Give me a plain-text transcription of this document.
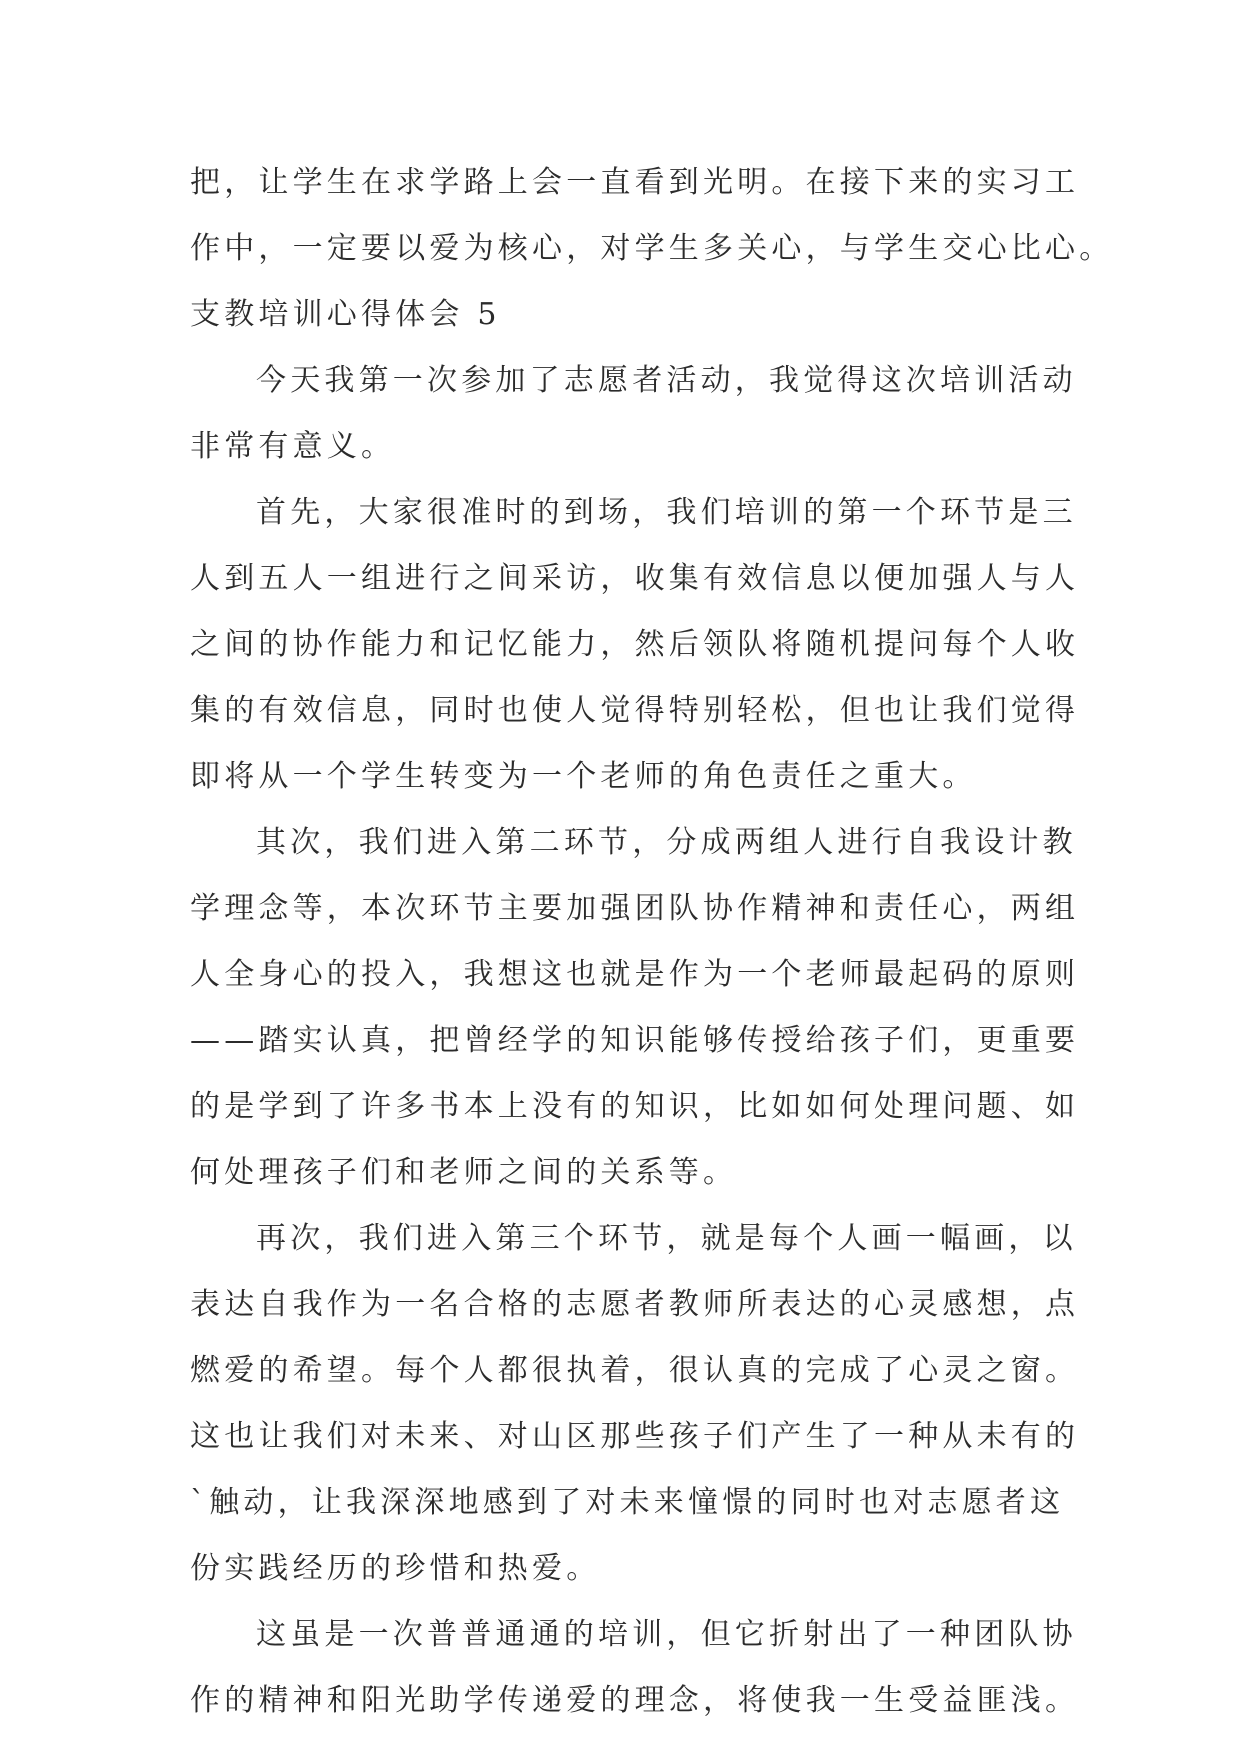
把，让学生在求学路上会一直看到光明。在接下来的实习工
作中，一定要以爱为核心，对学生多关心，与学生交心比心。
支教培训心得体会 5
今天我第一次参加了志愿者活动，我觉得这次培训活动
非常有意义。
首先，大家很准时的到场，我们培训的第一个环节是三
人到五人一组进行之间采访，收集有效信息以便加强人与人
之间的协作能力和记忆能力，然后领队将随机提问每个人收
集的有效信息，同时也使人觉得特别轻松，但也让我们觉得
即将从一个学生转变为一个老师的角色责任之重大。
其次，我们进入第二环节，分成两组人进行自我设计教
学理念等，本次环节主要加强团队协作精神和责任心，两组
人全身心的投入，我想这也就是作为一个老师最起码的原则
——踏实认真，把曾经学的知识能够传授给孩子们，更重要
的是学到了许多书本上没有的知识，比如如何处理问题、如
何处理孩子们和老师之间的关系等。
再次，我们进入第三个环节，就是每个人画一幅画，以
表达自我作为一名合格的志愿者教师所表达的心灵感想，点
燃爱的希望。每个人都很执着，很认真的完成了心灵之窗。
这也让我们对未来、对山区那些孩子们产生了一种从未有的
`触动，让我深深地感到了对未来憧憬的同时也对志愿者这
份实践经历的珍惜和热爱。
这虽是一次普普通通的培训，但它折射出了一种团队协
作的精神和阳光助学传递爱的理念，将使我一生受益匪浅。
